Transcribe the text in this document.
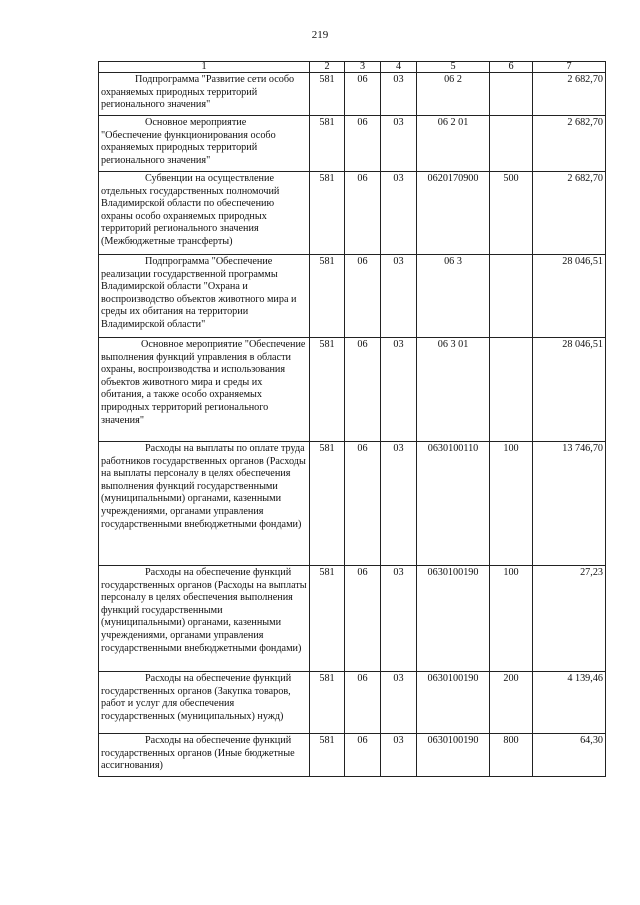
219
1	2	3	4	5	6	7
Подпрограмма "Развитие сети особо охраняемых природных территорий регионального значения"	581	06	03	06 2		2 682,70
Основное мероприятие "Обеспечение функционирования особо охраняемых природных территорий регионального значения"	581	06	03	06 2 01		2 682,70
Субвенции на осуществление отдельных государственных полномочий Владимирской области по обеспечению охраны особо охраняемых природных территорий регионального значения (Межбюджетные трансферты)	581	06	03	0620170900	500	2 682,70
Подпрограмма "Обеспечение реализации государственной программы Владимирской области "Охрана и воспроизводство объектов животного мира и среды их обитания на территории Владимирской области"	581	06	03	06 3		28 046,51
Основное мероприятие "Обеспечение выполнения функций управления в области охраны, воспроизводства и использования объектов животного мира и среды их обитания, а также особо охраняемых природных территорий регионального значения"	581	06	03	06 3 01		28 046,51
Расходы на выплаты по оплате труда работников государственных органов (Расходы на выплаты персоналу в целях обеспечения выполнения функций государственными (муниципальными) органами, казенными учреждениями, органами управления государственными внебюджетными фондами)	581	06	03	0630100110	100	13 746,70
Расходы на обеспечение функций государственных органов (Расходы на выплаты персоналу в целях обеспечения выполнения функций государственными (муниципальными) органами, казенными учреждениями, органами управления государственными внебюджетными фондами)	581	06	03	0630100190	100	27,23
Расходы на обеспечение функций государственных органов (Закупка товаров, работ и услуг для обеспечения государственных (муниципальных) нужд)	581	06	03	0630100190	200	4 139,46
Расходы на обеспечение функций государственных органов (Иные бюджетные ассигнования)	581	06	03	0630100190	800	64,30
